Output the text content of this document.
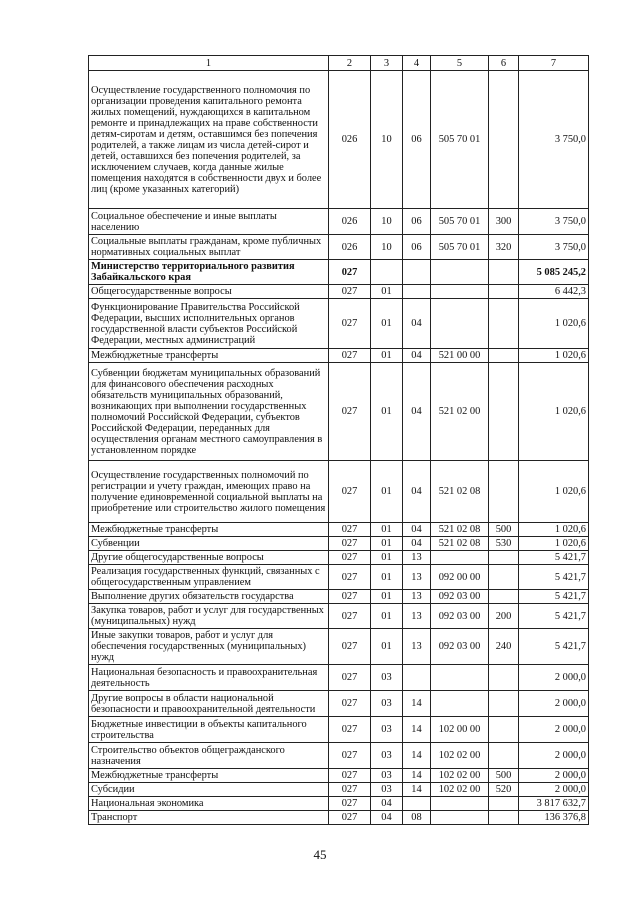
1	2	3	4	5	6	7
Осуществление государственного полномочия по организации проведения капитального ремонта жилых помещений, нуждающихся в капитальном ремонте и принадлежащих на праве собственности детям-сиротам и детям, оставшимся без попечения родителей, а также лицам из числа детей-сирот и детей, оставшихся без попечения родителей, за исключением случаев, когда данные жилые помещения находятся в собственности двух и более лиц (кроме указанных категорий)	026	10	06	505 70 01		3 750,0
Социальное обеспечение и иные выплаты населению	026	10	06	505 70 01	300	3 750,0
Социальные выплаты гражданам, кроме публичных нормативных социальных выплат	026	10	06	505 70 01	320	3 750,0
Министерство территориального развития Забайкальского края	027					5 085 245,2
Общегосударственные вопросы	027	01				6 442,3
Функционирование Правительства Российской Федерации, высших исполнительных органов государственной власти субъектов Российской Федерации, местных администраций	027	01	04			1 020,6
Межбюджетные трансферты	027	01	04	521 00 00		1 020,6
Субвенции бюджетам муниципальных образований для финансового обеспечения расходных обязательств муниципальных образований, возникающих при выполнении государственных полномочий Российской Федерации, субъектов Российской Федерации, переданных для осуществления органам местного самоуправления в установленном порядке	027	01	04	521 02 00		1 020,6
Осуществление государственных полномочий по регистрации и учету граждан, имеющих право на получение единовременной социальной выплаты на приобретение или строительство жилого помещения	027	01	04	521 02 08		1 020,6
Межбюджетные трансферты	027	01	04	521 02 08	500	1 020,6
Субвенции	027	01	04	521 02 08	530	1 020,6
Другие общегосударственные вопросы	027	01	13			5 421,7
Реализация государственных функций, связанных с общегосударственным управлением	027	01	13	092 00 00		5 421,7
Выполнение других обязательств государства	027	01	13	092 03 00		5 421,7
Закупка товаров, работ и услуг для государственных (муниципальных) нужд	027	01	13	092 03 00	200	5 421,7
Иные закупки товаров, работ и услуг для обеспечения государственных (муниципальных) нужд	027	01	13	092 03 00	240	5 421,7
Национальная безопасность и правоохранительная деятельность	027	03				2 000,0
Другие вопросы в области национальной безопасности и правоохранительной деятельности	027	03	14			2 000,0
Бюджетные инвестиции в объекты капитального строительства	027	03	14	102 00 00		2 000,0
Строительство объектов общегражданского назначения	027	03	14	102 02 00		2 000,0
Межбюджетные трансферты	027	03	14	102 02 00	500	2 000,0
Субсидии	027	03	14	102 02 00	520	2 000,0
Национальная экономика	027	04				3 817 632,7
Транспорт	027	04	08			136 376,8
45
